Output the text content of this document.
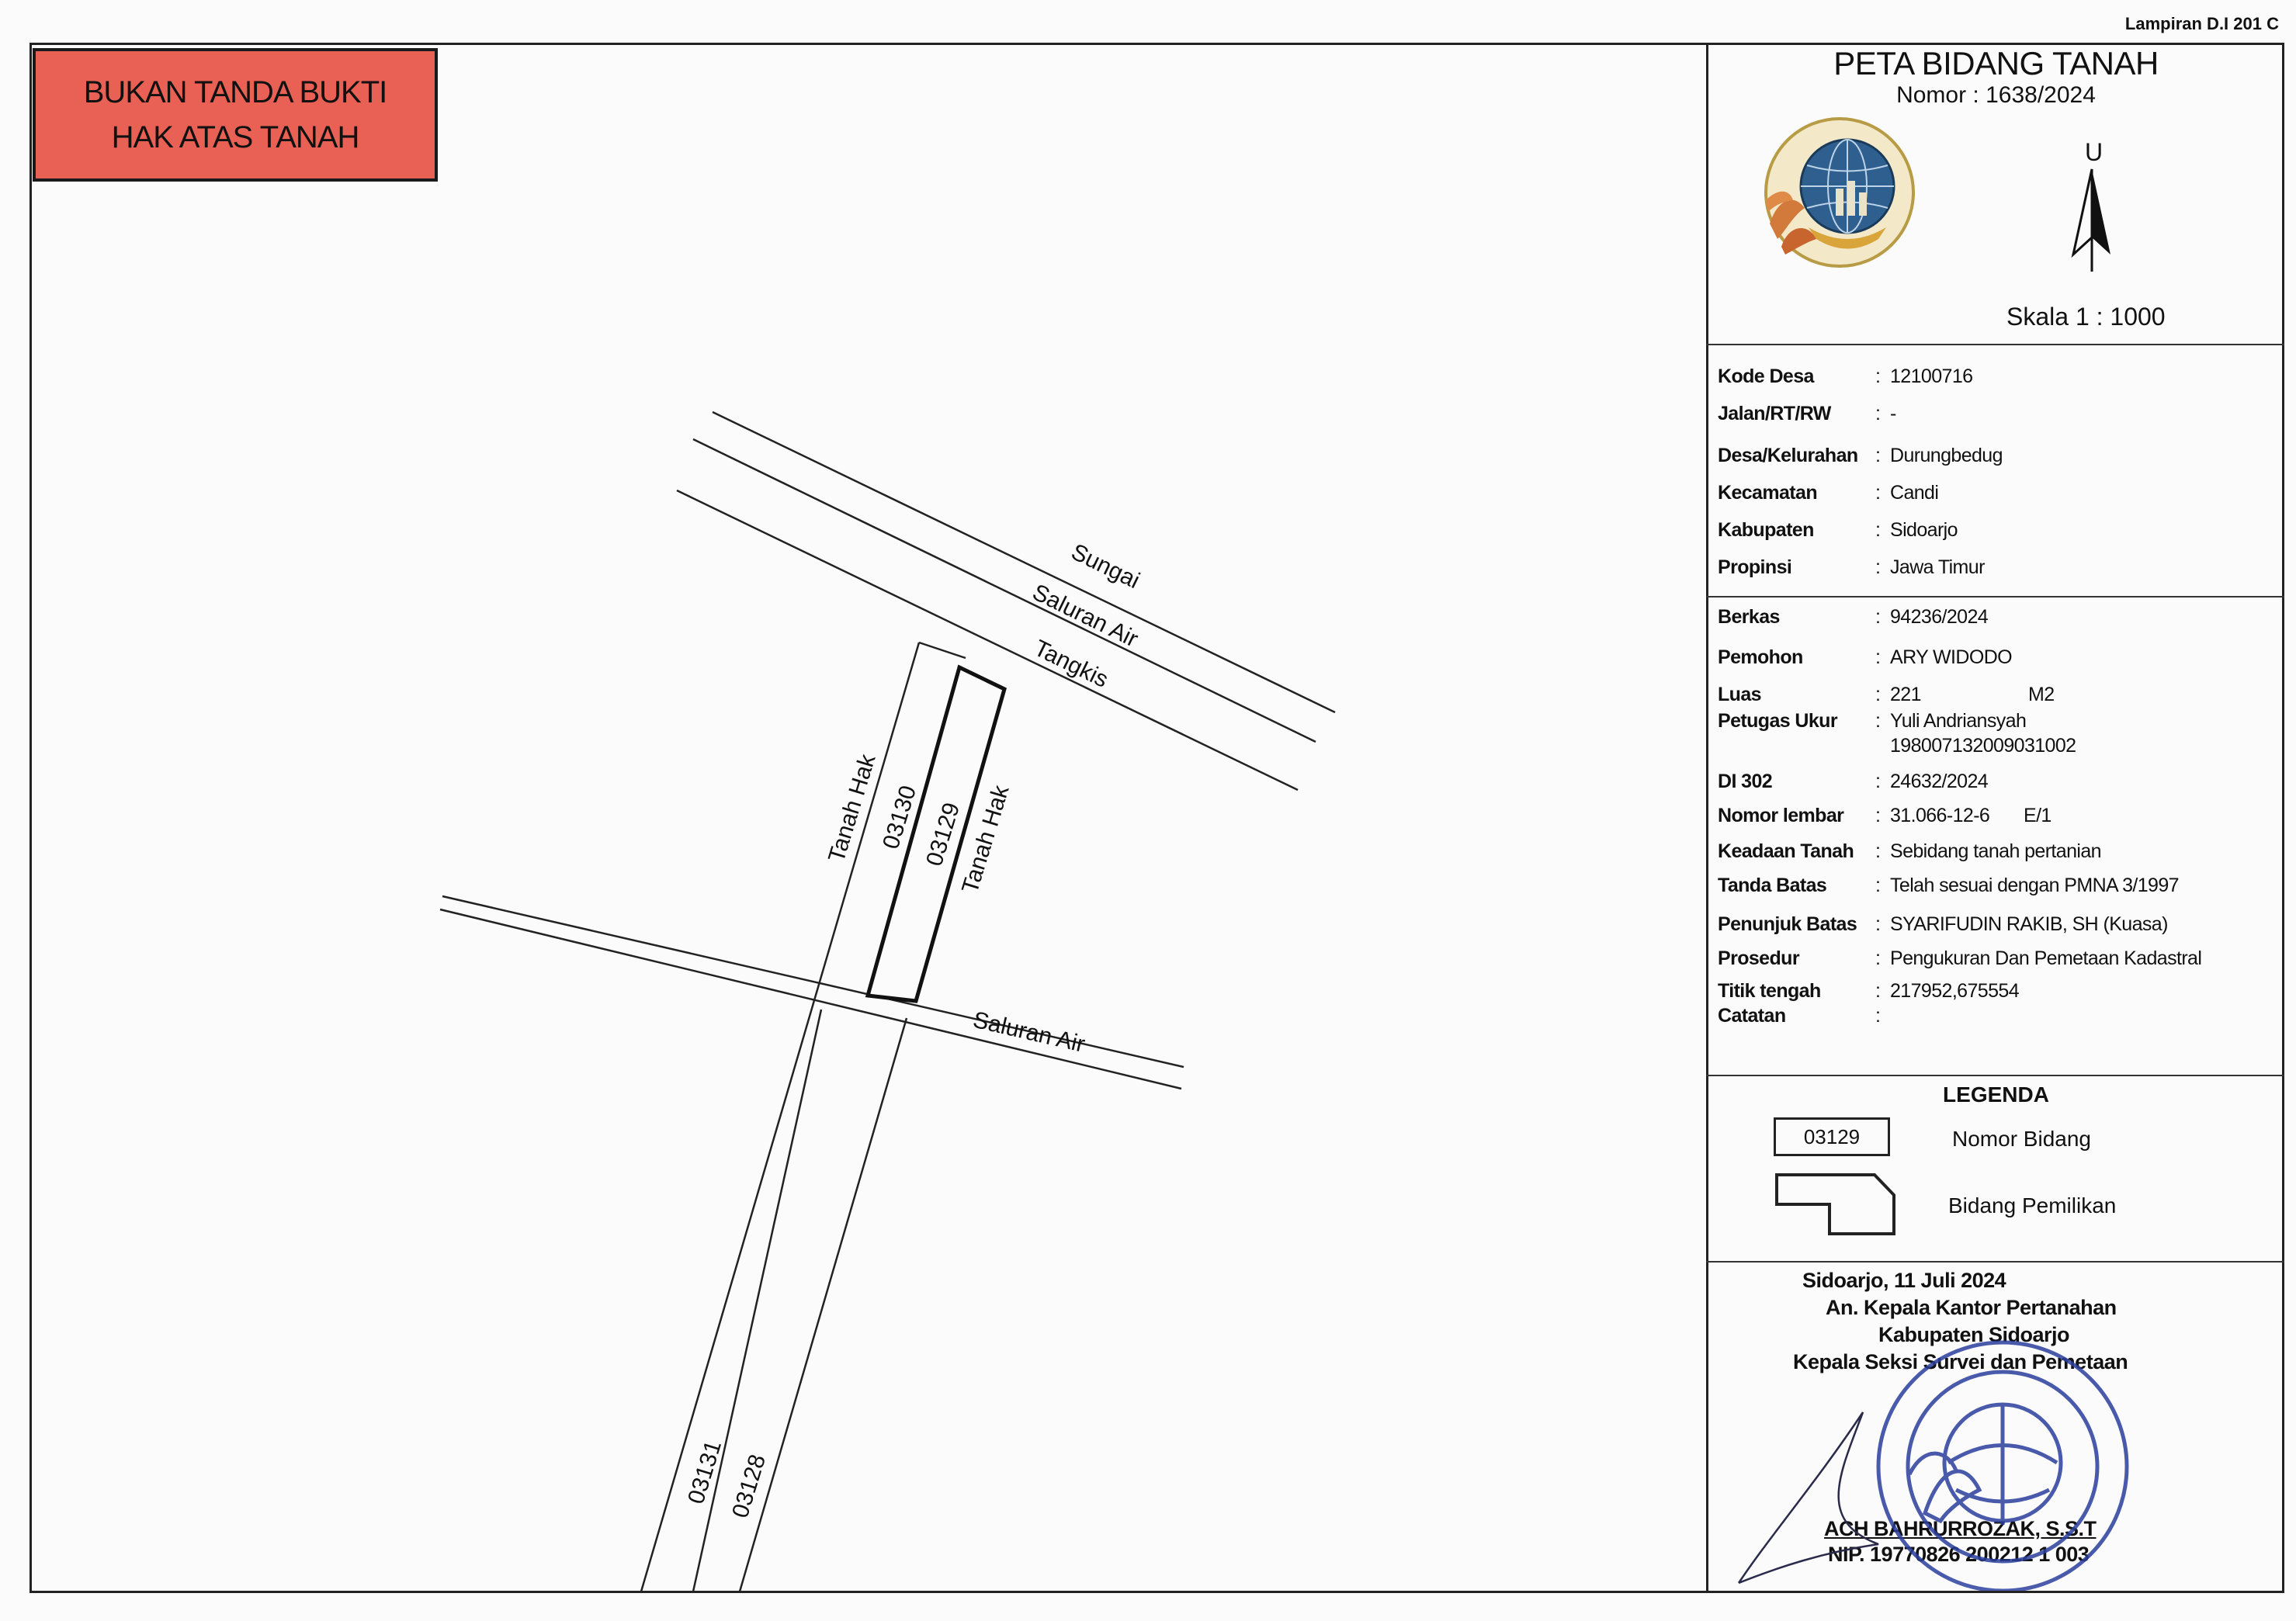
Lampiran D.I 201 C
BUKAN TANDA BUKTI
HAK ATAS TANAH
Sungai
Saluran Air
Tangkis
Tanah Hak
03130 03129
Tanah Hak
Saluran Air
03131 03128
PETA BIDANG TANAH
Nomor : 1638/2024
U
Skala 1 : 1000
Kode Desa	: 12100716
Jalan/RT/RW	: -
Desa/Kelurahan : Durungbedug
Kecamatan	: Candi
Kabupaten	: Sidoarjo
Propinsi	: Jawa Timur
Berkas	: 94236/2024
Pemohon	: ARY WIDODO
Luas	: 221	M2
Petugas Ukur	: Yuli Andriansyah
198007132009031002
DI 302	: 24632/2024
Nomor lembar	: 31.066-12-6 E/1
Keadaan Tanah	: Sebidang tanah pertanian
Tanda Batas	: Telah sesuai dengan PMNA 3/1997
Penunjuk Batas : SYARIFUDIN RAKIB, SH (Kuasa)
Prosedur	: Pengukuran Dan Pemetaan Kadastral
Titik tengah	: 217952,675554
Catatan	:
LEGENDA
03129	Nomor Bidang
Bidang Pemilikan
Sidoarjo, 11 Juli 2024
An. Kepala Kantor Pertanahan
Kabupaten Sidoarjo
Kepala Seksi Survei dan Pemetaan
ACH BAHRURROZAK, S.S.T
NIP. 19770826 200212 1 003
